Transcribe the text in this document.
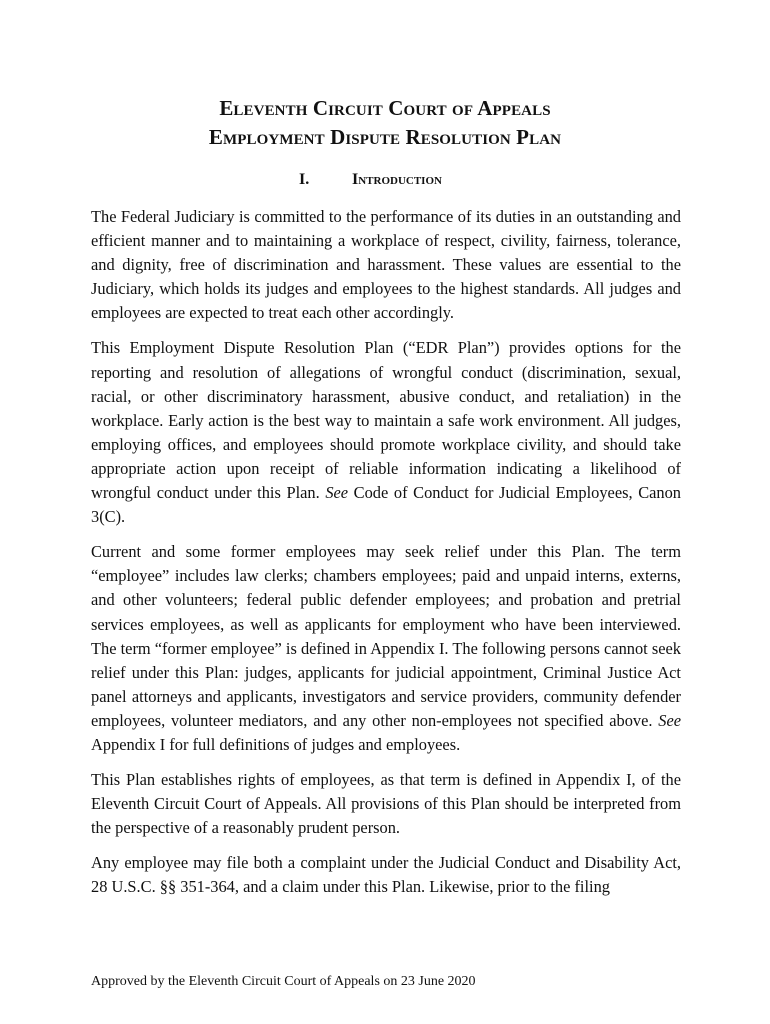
Eleventh Circuit Court of Appeals
Employment Dispute Resolution Plan
I.	Introduction

The Federal Judiciary is committed to the performance of its duties in an outstanding and efficient manner and to maintaining a workplace of respect, civility, fairness, tolerance, and dignity, free of discrimination and harassment. These values are essential to the Judiciary, which holds its judges and employees to the highest standards. All judges and employees are expected to treat each other accordingly.

This Employment Dispute Resolution Plan (“EDR Plan”) provides options for the reporting and resolution of allegations of wrongful conduct (discrimination, sexual, racial, or other discriminatory harassment, abusive conduct, and retaliation) in the workplace. Early action is the best way to maintain a safe work environment. All judges, employing offices, and employees should promote workplace civility, and should take appropriate action upon receipt of reliable information indicating a likelihood of wrongful conduct under this Plan. See Code of Conduct for Judicial Employees, Canon 3(C).

Current and some former employees may seek relief under this Plan. The term “employee” includes law clerks; chambers employees; paid and unpaid interns, externs, and other volunteers; federal public defender employees; and probation and pretrial services employees, as well as applicants for employment who have been interviewed. The term “former employee” is defined in Appendix I. The following persons cannot seek relief under this Plan: judges, applicants for judicial appointment, Criminal Justice Act panel attorneys and applicants, investigators and service providers, community defender employees, volunteer mediators, and any other non-employees not specified above. See Appendix I for full definitions of judges and employees.

This Plan establishes rights of employees, as that term is defined in Appendix I, of the Eleventh Circuit Court of Appeals. All provisions of this Plan should be interpreted from the perspective of a reasonably prudent person.

Any employee may file both a complaint under the Judicial Conduct and Disability Act, 28 U.S.C. §§ 351-364, and a claim under this Plan. Likewise, prior to the filing

Approved by the Eleventh Circuit Court of Appeals on 23 June 2020
